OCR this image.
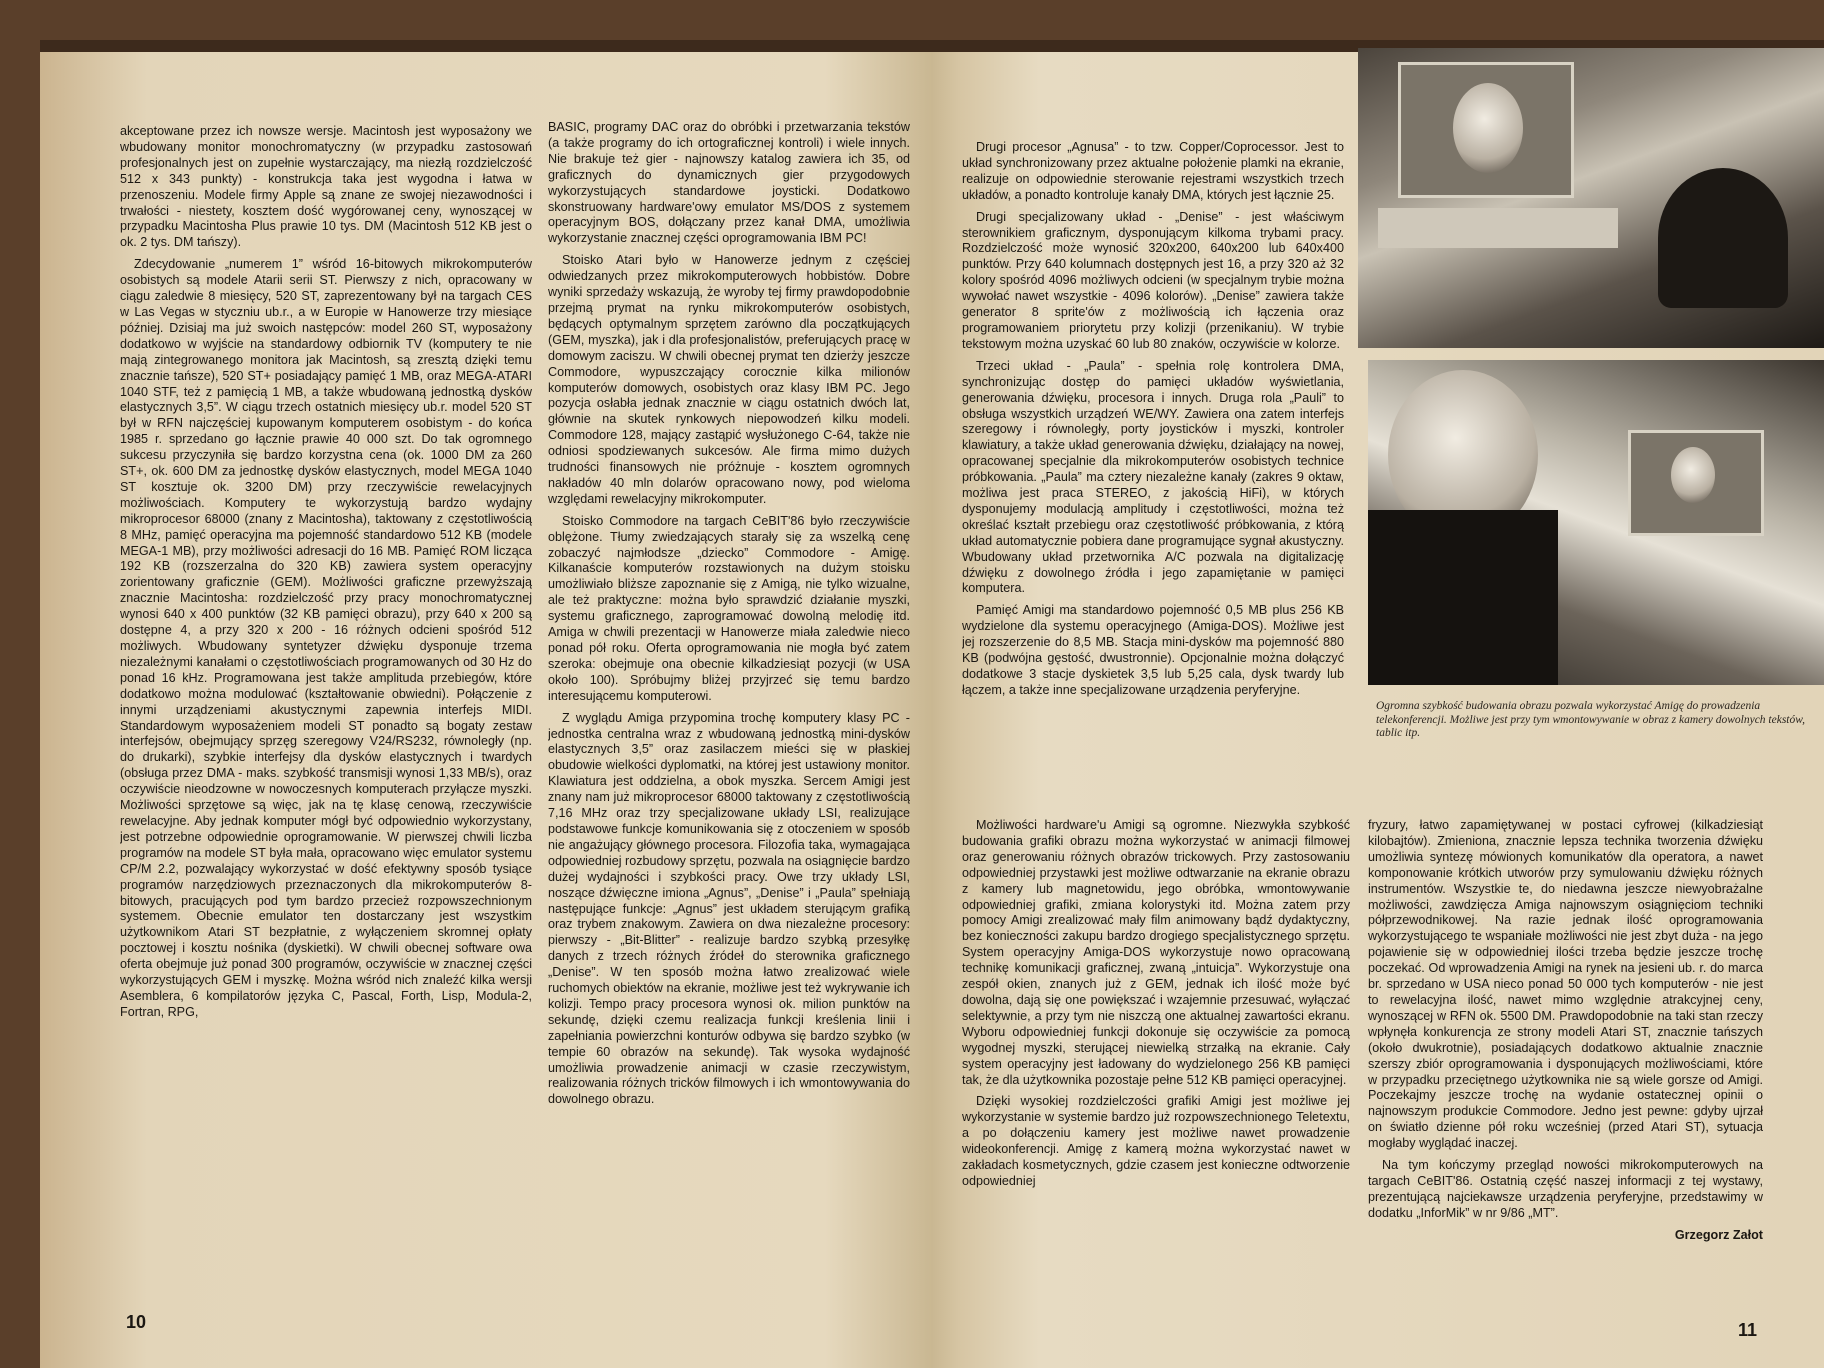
akceptowane przez ich nowsze wersje. Macintosh jest wyposażony we wbudowany monitor monochromatyczny (w przypadku zastosowań profesjonalnych jest on zupełnie wystarczający, ma niezłą rozdzielczość 512 x 343 punkty) - konstrukcja taka jest wygodna i łatwa w przenoszeniu. Modele firmy Apple są znane ze swojej niezawodności i trwałości - niestety, kosztem dość wygórowanej ceny, wynoszącej w przypadku Macintosha Plus prawie 10 tys. DM (Macintosh 512 KB jest o ok. 2 tys. DM tańszy).

Zdecydowanie „numerem 1” wśród 16-bitowych mikrokomputerów osobistych są modele Atarii serii ST. Pierwszy z nich, opracowany w ciągu zaledwie 8 miesięcy, 520 ST, zaprezentowany był na targach CES w Las Vegas w styczniu ub.r., a w Europie w Hanowerze trzy miesiące później. Dzisiaj ma już swoich następców: model 260 ST, wyposażony dodatkowo w wyjście na standardowy odbiornik TV (komputery te nie mają zintegrowanego monitora jak Macintosh, są zresztą dzięki temu znacznie tańsze), 520 ST+ posiadający pamięć 1 MB, oraz MEGA-ATARI 1040 STF, też z pamięcią 1 MB, a także wbudowaną jednostką dysków elastycznych 3,5”. W ciągu trzech ostatnich miesięcy ub.r. model 520 ST był w RFN najczęściej kupowanym komputerem osobistym - do końca 1985 r. sprzedano go łącznie prawie 40 000 szt. Do tak ogromnego sukcesu przyczyniła się bardzo korzystna cena (ok. 1000 DM za 260 ST+, ok. 600 DM za jednostkę dysków elastycznych, model MEGA 1040 ST kosztuje ok. 3200 DM) przy rzeczywiście rewelacyjnych możliwościach. Komputery te wykorzystują bardzo wydajny mikroprocesor 68000 (znany z Macintosha), taktowany z częstotliwością 8 MHz, pamięć operacyjna ma pojemność standardowo 512 KB (modele MEGA-1 MB), przy możliwości adresacji do 16 MB. Pamięć ROM licząca 192 KB (rozszerzalna do 320 KB) zawiera system operacyjny zorientowany graficznie (GEM). Możliwości graficzne przewyższają znacznie Macintosha: rozdzielczość przy pracy monochromatycznej wynosi 640 x 400 punktów (32 KB pamięci obrazu), przy 640 x 200 są dostępne 4, a przy 320 x 200 - 16 różnych odcieni spośród 512 możliwych. Wbudowany syntetyzer dźwięku dysponuje trzema niezależnymi kanałami o częstotliwościach programowanych od 30 Hz do ponad 16 kHz. Programowana jest także amplituda przebiegów, które dodatkowo można modulować (kształtowanie obwiedni). Połączenie z innymi urządzeniami akustycznymi zapewnia interfejs MIDI. Standardowym wyposażeniem modeli ST ponadto są bogaty zestaw interfejsów, obejmujący sprzęg szeregowy V24/RS232, równoległy (np. do drukarki), szybkie interfejsy dla dysków elastycznych i twardych (obsługa przez DMA - maks. szybkość transmisji wynosi 1,33 MB/s), oraz oczywiście nieodzowne w nowoczesnych komputerach przyłącze myszki. Możliwości sprzętowe są więc, jak na tę klasę cenową, rzeczywiście rewelacyjne. Aby jednak komputer mógł być odpowiednio wykorzystany, jest potrzebne odpowiednie oprogramowanie. W pierwszej chwili liczba programów na modele ST była mała, opracowano więc emulator systemu CP/M 2.2, pozwalający wykorzystać w dość efektywny sposób tysiące programów narzędziowych przeznaczonych dla mikrokomputerów 8-bitowych, pracujących pod tym bardzo przecież rozpowszechnionym systemem. Obecnie emulator ten dostarczany jest wszystkim użytkownikom Atari ST bezpłatnie, z wyłączeniem skromnej opłaty pocztowej i kosztu nośnika (dyskietki). W chwili obecnej software owa oferta obejmuje już ponad 300 programów, oczywiście w znacznej części wykorzystujących GEM i myszkę. Można wśród nich znaleźć kilka wersji Asemblera, 6 kompilatorów języka C, Pascal, Forth, Lisp, Modula-2, Fortran, RPG,

BASIC, programy DAC oraz do obróbki i przetwarzania tekstów (a także programy do ich ortograficznej kontroli) i wiele innych. Nie brakuje też gier - najnowszy katalog zawiera ich 35, od graficznych do dynamicznych gier przygodowych wykorzystujących standardowe joysticki. Dodatkowo skonstruowany hardware'owy emulator MS/DOS z systemem operacyjnym BOS, dołączany przez kanał DMA, umożliwia wykorzystanie znacznej części oprogramowania IBM PC!

Stoisko Atari było w Hanowerze jednym z częściej odwiedzanych przez mikrokomputerowych hobbistów. Dobre wyniki sprzedaży wskazują, że wyroby tej firmy prawdopodobnie przejmą prymat na rynku mikrokomputerów osobistych, będących optymalnym sprzętem zarówno dla początkujących (GEM, myszka), jak i dla profesjonalistów, preferujących pracę w domowym zaciszu. W chwili obecnej prymat ten dzierży jeszcze Commodore, wypuszczający corocznie kilka milionów komputerów domowych, osobistych oraz klasy IBM PC. Jego pozycja osłabła jednak znacznie w ciągu ostatnich dwóch lat, głównie na skutek rynkowych niepowodzeń kilku modeli. Commodore 128, mający zastąpić wysłużonego C-64, także nie odniosi spodziewanych sukcesów. Ale firma mimo dużych trudności finansowych nie próżnuje - kosztem ogromnych nakładów 40 mln dolarów opracowano nowy, pod wieloma względami rewelacyjny mikrokomputer.

Stoisko Commodore na targach CeBIT'86 było rzeczywiście oblężone. Tłumy zwiedzających starały się za wszelką cenę zobaczyć najmłodsze „dziecko” Commodore - Amigę. Kilkanaście komputerów rozstawionych na dużym stoisku umożliwiało bliższe zapoznanie się z Amigą, nie tylko wizualne, ale też praktyczne: można było sprawdzić działanie myszki, systemu graficznego, zaprogramować dowolną melodię itd. Amiga w chwili prezentacji w Hanowerze miała zaledwie nieco ponad pół roku. Oferta oprogramowania nie mogła być zatem szeroka: obejmuje ona obecnie kilkadziesiąt pozycji (w USA około 100). Spróbujmy bliżej przyjrzeć się temu bardzo interesującemu komputerowi.

Z wyglądu Amiga przypomina trochę komputery klasy PC - jednostka centralna wraz z wbudowaną jednostką mini-dysków elastycznych 3,5” oraz zasilaczem mieści się w płaskiej obudowie wielkości dyplomatki, na której jest ustawiony monitor. Klawiatura jest oddzielna, a obok myszka. Sercem Amigi jest znany nam już mikroprocesor 68000 taktowany z częstotliwością 7,16 MHz oraz trzy specjalizowane układy LSI, realizujące podstawowe funkcje komunikowania się z otoczeniem w sposób nie angażujący głównego procesora. Filozofia taka, wymagająca odpowiedniej rozbudowy sprzętu, pozwala na osiągnięcie bardzo dużej wydajności i szybkości pracy. Owe trzy układy LSI, noszące dźwięczne imiona „Agnus”, „Denise” i „Paula” spełniają następujące funkcje: „Agnus” jest układem sterującym grafiką oraz trybem znakowym. Zawiera on dwa niezależne procesory: pierwszy - „Bit-Blitter” - realizuje bardzo szybką przesyłkę danych z trzech różnych źródeł do sterownika graficznego „Denise”. W ten sposób można łatwo zrealizować wiele ruchomych obiektów na ekranie, możliwe jest też wykrywanie ich kolizji. Tempo pracy procesora wynosi ok. milion punktów na sekundę, dzięki czemu realizacja funkcji kreślenia linii i zapełniania powierzchni konturów odbywa się bardzo szybko (w tempie 60 obrazów na sekundę). Tak wysoka wydajność umożliwia prowadzenie animacji w czasie rzeczywistym, realizowania różnych tricków filmowych i ich wmontowywania do dowolnego obrazu.

10

Drugi procesor „Agnusa” - to tzw. Copper/Coprocessor. Jest to układ synchronizowany przez aktualne położenie plamki na ekranie, realizuje on odpowiednie sterowanie rejestrami wszystkich trzech układów, a ponadto kontroluje kanały DMA, których jest łącznie 25.

Drugi specjalizowany układ - „Denise” - jest właściwym sterownikiem graficznym, dysponującym kilkoma trybami pracy. Rozdzielczość może wynosić 320x200, 640x200 lub 640x400 punktów. Przy 640 kolumnach dostępnych jest 16, a przy 320 aż 32 kolory spośród 4096 możliwych odcieni (w specjalnym trybie można wywołać nawet wszystkie - 4096 kolorów). „Denise” zawiera także generator 8 sprite'ów z możliwością ich łączenia oraz programowaniem priorytetu przy kolizji (przenikaniu). W trybie tekstowym można uzyskać 60 lub 80 znaków, oczywiście w kolorze.

Trzeci układ - „Paula” - spełnia rolę kontrolera DMA, synchronizując dostęp do pamięci układów wyświetlania, generowania dźwięku, procesora i innych. Druga rola „Pauli” to obsługa wszystkich urządzeń WE/WY. Zawiera ona zatem interfejs szeregowy i równoległy, porty joysticków i myszki, kontroler klawiatury, a także układ generowania dźwięku, działający na nowej, opracowanej specjalnie dla mikrokomputerów osobistych technice próbkowania. „Paula” ma cztery niezależne kanały (zakres 9 oktaw, możliwa jest praca STEREO, z jakością HiFi), w których dysponujemy modulacją amplitudy i częstotliwości, można też określać kształt przebiegu oraz częstotliwość próbkowania, z którą układ automatycznie pobiera dane programujące sygnał akustyczny. Wbudowany układ przetwornika A/C pozwala na digitalizację dźwięku z dowolnego źródła i jego zapamiętanie w pamięci komputera.

Pamięć Amigi ma standardowo pojemność 0,5 MB plus 256 KB wydzielone dla systemu operacyjnego (Amiga-DOS). Możliwe jest jej rozszerzenie do 8,5 MB. Stacja mini-dysków ma pojemność 880 KB (podwójna gęstość, dwustronnie). Opcjonalnie można dołączyć dodatkowe 3 stacje dyskietek 3,5 lub 5,25 cala, dysk twardy lub łączem, a także inne specjalizowane urządzenia peryferyjne.

Ogromna szybkość budowania obrazu pozwala wykorzystać Amigę do prowadzenia telekonferencji. Możliwe jest przy tym wmontowywanie w obraz z kamery dowolnych tekstów, tablic itp.

Możliwości hardware'u Amigi są ogromne. Niezwykła szybkość budowania grafiki obrazu można wykorzystać w animacji filmowej oraz generowaniu różnych obrazów trickowych. Przy zastosowaniu odpowiedniej przystawki jest możliwe odtwarzanie na ekranie obrazu z kamery lub magnetowidu, jego obróbka, wmontowywanie odpowiedniej grafiki, zmiana kolorystyki itd. Można zatem przy pomocy Amigi zrealizować mały film animowany bądź dydaktyczny, bez konieczności zakupu bardzo drogiego specjalistycznego sprzętu. System operacyjny Amiga-DOS wykorzystuje nowo opracowaną technikę komunikacji graficznej, zwaną „intuicja”. Wykorzystuje ona zespół okien, znanych już z GEM, jednak ich ilość może być dowolna, dają się one powiększać i wzajemnie przesuwać, wyłączać selektywnie, a przy tym nie niszczą one aktualnej zawartości ekranu. Wyboru odpowiedniej funkcji dokonuje się oczywiście za pomocą wygodnej myszki, sterującej niewielką strzałką na ekranie. Cały system operacyjny jest ładowany do wydzielonego 256 KB pamięci tak, że dla użytkownika pozostaje pełne 512 KB pamięci operacyjnej.

Dzięki wysokiej rozdzielczości grafiki Amigi jest możliwe jej wykorzystanie w systemie bardzo już rozpowszechnionego Teletextu, a po dołączeniu kamery jest możliwe nawet prowadzenie wideokonferencji. Amigę z kamerą można wykorzystać nawet w zakładach kosmetycznych, gdzie czasem jest konieczne odtworzenie odpowiedniej

fryzury, łatwo zapamiętywanej w postaci cyfrowej (kilkadziesiąt kilobajtów). Zmieniona, znacznie lepsza technika tworzenia dźwięku umożliwia syntezę mówionych komunikatów dla operatora, a nawet komponowanie krótkich utworów przy symulowaniu dźwięku różnych instrumentów. Wszystkie te, do niedawna jeszcze niewyobrażalne możliwości, zawdzięcza Amiga najnowszym osiągnięciom techniki półprzewodnikowej. Na razie jednak ilość oprogramowania wykorzystującego te wspaniałe możliwości nie jest zbyt duża - na jego pojawienie się w odpowiedniej ilości trzeba będzie jeszcze trochę poczekać. Od wprowadzenia Amigi na rynek na jesieni ub. r. do marca br. sprzedano w USA nieco ponad 50 000 tych komputerów - nie jest to rewelacyjna ilość, nawet mimo względnie atrakcyjnej ceny, wynoszącej w RFN ok. 5500 DM. Prawdopodobnie na taki stan rzeczy wpłynęła konkurencja ze strony modeli Atari ST, znacznie tańszych (około dwukrotnie), posiadających dodatkowo aktualnie znacznie szerszy zbiór oprogramowania i dysponujących możliwościami, które w przypadku przeciętnego użytkownika nie są wiele gorsze od Amigi. Poczekajmy jeszcze trochę na wydanie ostatecznej opinii o najnowszym produkcie Commodore. Jedno jest pewne: gdyby ujrzał on światło dzienne pół roku wcześniej (przed Atari ST), sytuacja mogłaby wyglądać inaczej.

Na tym kończymy przegląd nowości mikrokomputerowych na targach CeBIT'86. Ostatnią część naszej informacji z tej wystawy, prezentującą najciekawsze urządzenia peryferyjne, przedstawimy w dodatku „InforMik” w nr 9/86 „MT”.

Grzegorz Załot

11
